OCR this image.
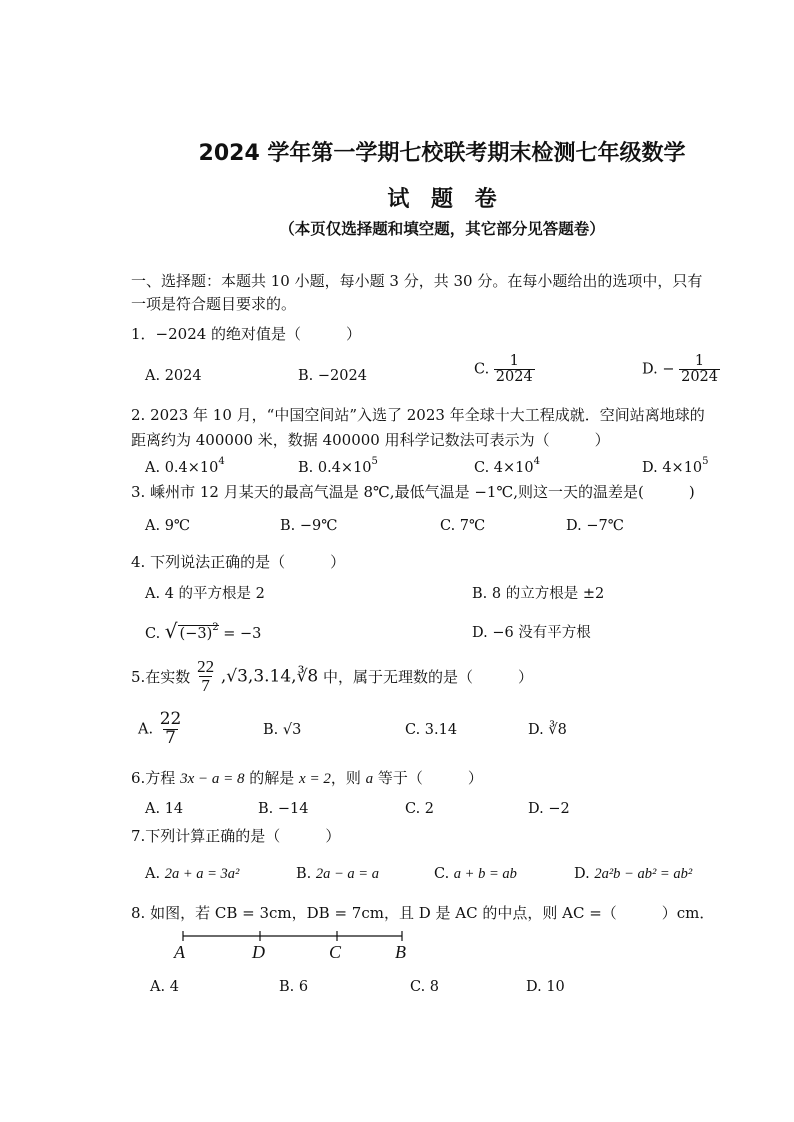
2024 学年第一学期七校联考期末检测七年级数学
试 题 卷
（本页仅选择题和填空题，其它部分见答题卷）
一、选择题：本题共 10 小题，每小题 3 分，共 30 分。在每小题给出的选项中，只有
一项是符合题目要求的。
1．−2024 的绝对值是（　　　）
A. 2024	B. −2024	C. $\frac{1}{2024}$	D. − $\frac{1}{2024}$
2. 2023 年 10 月，“中国空间站”入选了 2023 年全球十大工程成就．空间站离地球的
距离约为 400000 米，数据 400000 用科学记数法可表示为（　　　）
A. $0.4\times 10^4$	B. $0.4\times 10^5$	C. $4\times 10^4$	D. $4\times 10^5$
3. 嵊州市 12 月某天的最高气温是 8℃,最低气温是 −1℃,则这一天的温差是(　　　)
A. 9℃	B. −9℃	C. 7℃	D. −7℃
4. 下列说法正确的是（　　　）
A. 4 的平方根是 2	B. 8 的立方根是 ±2
C. √ $(-3)^2 = -3$	D. −6 没有平方根
5.在实数 $\frac{22}{7}$ ,√3,3.14,∛8 中，属于无理数的是（　　　）
A. $\frac{22}{7}$	B. √3	C. 3.14	D. ∛8
6.方程 3x − a = 8 的解是 x = 2，则 a 等于（　　　）
A. 14	B. −14	C. 2	D. −2
7.下列计算正确的是（　　　）
A. 2a + a = 3a²	B. 2a − a = a	C. a + b = ab	D. 2a²b − ab² = ab²
8. 如图，若 CB = 3cm，DB = 7cm，且 D 是 AC 的中点，则 AC =（　　　）cm．
A	D	C	B
A. 4	B. 6	C. 8	D. 10
